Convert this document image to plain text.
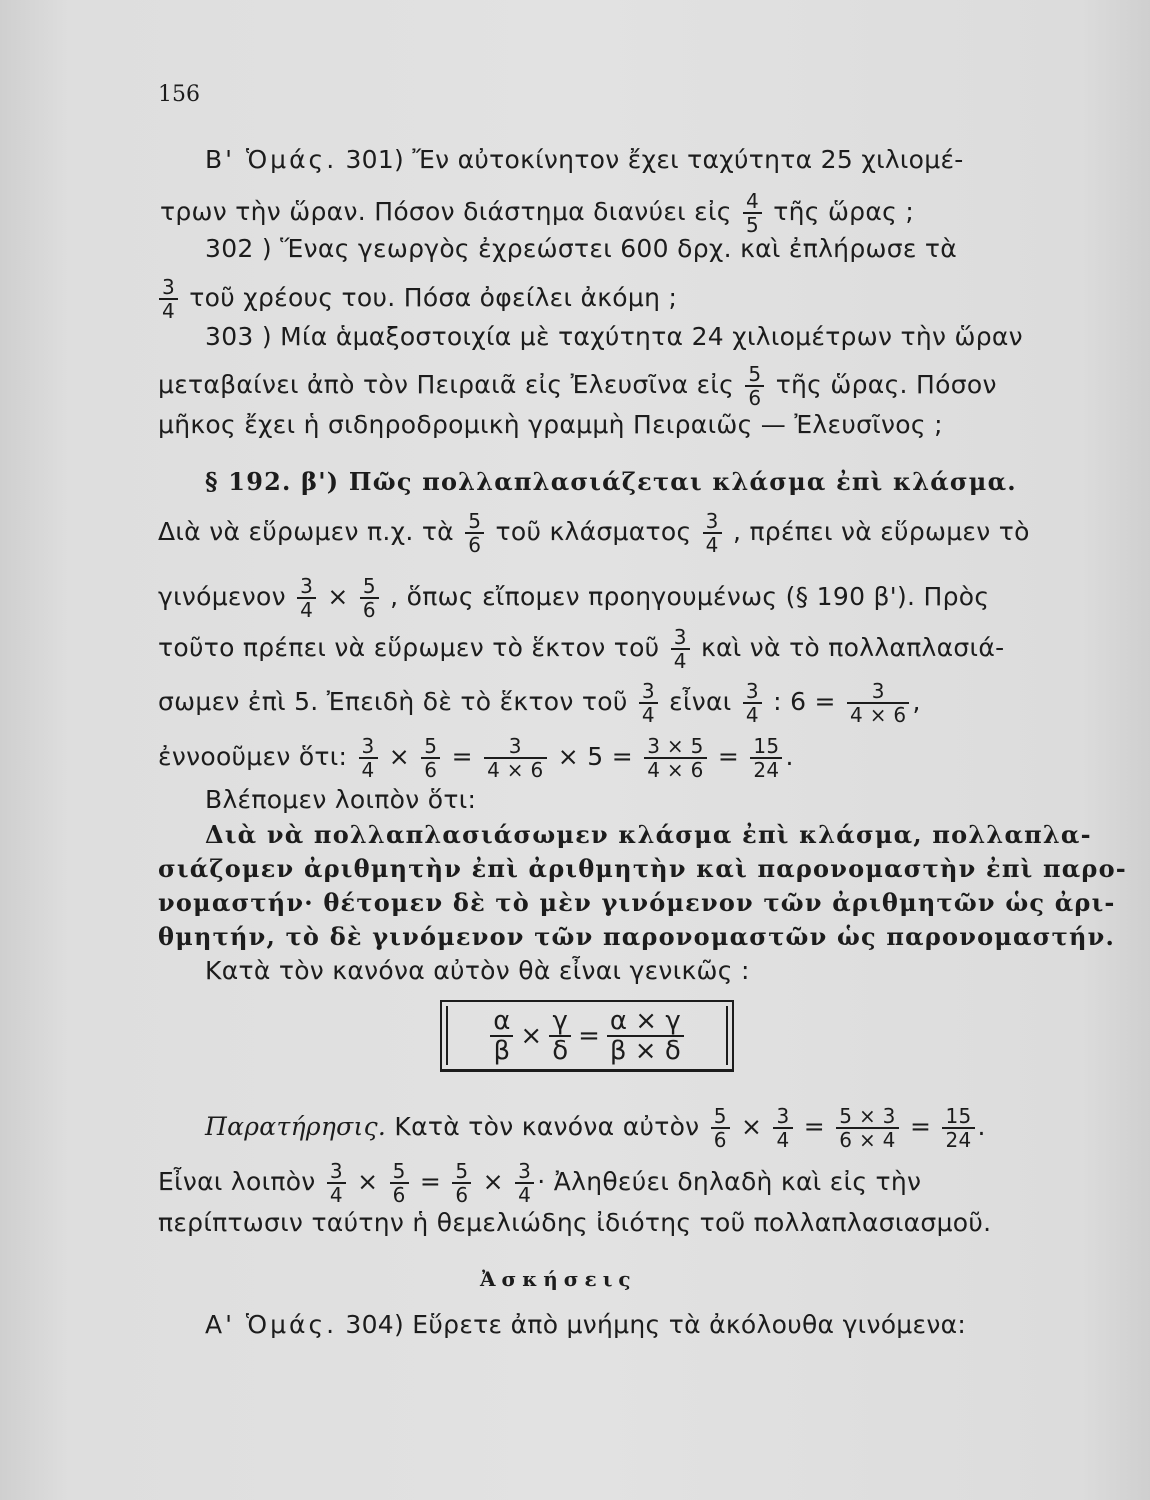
156
Β' Ὁμάς. 301) Ἔν αὐτοκίνητον ἔχει ταχύτητα 25 χιλιομέ-
τρων τὴν ὥραν. Πόσον διάστημα διανύει εἰς $\frac{4}{5}$ τῆς ὥρας ;
302 ) Ἕνας γεωργὸς ἐχρεώστει 600 δρχ. καὶ ἐπλήρωσε τὰ
$\frac{3}{4}$ τοῦ χρέους του. Πόσα ὀφείλει ἀκόμη ;
303 ) Μία ἁμαξοστοιχία μὲ ταχύτητα 24 χιλιομέτρων τὴν ὥραν
μεταβαίνει ἀπὸ τὸν Πειραιᾶ εἰς Ἐλευσῖνα εἰς $\frac{5}{6}$ τῆς ὥρας. Πόσον
μῆκος ἔχει ἡ σιδηροδρομικὴ γραμμὴ Πειραιῶς — Ἐλευσῖνος ;
§ 192. β') Πῶς πολλαπλασιάζεται κλάσμα ἐπὶ κλάσμα.
Διὰ νὰ εὕρωμεν π.χ. τὰ $\frac{5}{6}$ τοῦ κλάσματος $\frac{3}{4}$ , πρέπει νὰ εὕρωμεν τὸ
γινόμενον $\frac{3}{4} \times \frac{5}{6}$ , ὅπως εἴπομεν προηγουμένως (§ 190 β'). Πρὸς
τοῦτο πρέπει νὰ εὕρωμεν τὸ ἕκτον τοῦ $\frac{3}{4}$ καὶ νὰ τὸ πολλαπλασιά-
σωμεν ἐπὶ 5. Ἐπειδὴ δὲ τὸ ἕκτον τοῦ $\frac{3}{4}$ εἶναι $\frac{3}{4}$ : $6 = \frac{3}{4 \times 6}$ ,
ἐννοοῦμεν ὅτι: $\frac{3}{4} \times \frac{5}{6} = \frac{3}{4 \times 6} \times 5 = \frac{3 \times 5}{4 \times 6} = \frac{15}{24}$ .
Βλέπομεν λοιπὸν ὅτι:
Διὰ νὰ πολλαπλασιάσωμεν κλάσμα ἐπὶ κλάσμα, πολλαπλα-
σιάζομεν ἀριθμητὴν ἐπὶ ἀριθμητὴν καὶ παρονομαστὴν ἐπὶ παρο-
νομαστήν· θέτομεν δὲ τὸ μὲν γινόμενον τῶν ἀριθμητῶν ὡς ἀρι-
θμητήν, τὸ δὲ γινόμενον τῶν παρονομαστῶν ὡς παρονομαστήν.
Κατὰ τὸν κανόνα αὐτὸν θὰ εἶναι γενικῶς :
$\frac{\alpha}{\beta} \times \frac{\gamma}{\delta} = \frac{\alpha \times \gamma}{\beta \times \delta}$
Παρατήρησις. Κατὰ τὸν κανόνα αὐτὸν $\frac{5}{6} \times \frac{3}{4} = \frac{5 \times 3}{6 \times 4} = \frac{15}{24}$ .
Εἶναι λοιπὸν $\frac{3}{4} \times \frac{5}{6} = \frac{5}{6} \times \frac{3}{4}$ · Ἀληθεύει δηλαδὴ καὶ εἰς τὴν
περίπτωσιν ταύτην ἡ θεμελιώδης ἰδιότης τοῦ πολλαπλασιασμοῦ.
Ἀσκήσεις
Α' Ὁμάς. 304) Εὕρετε ἀπὸ μνήμης τὰ ἀκόλουθα γινόμενα:
